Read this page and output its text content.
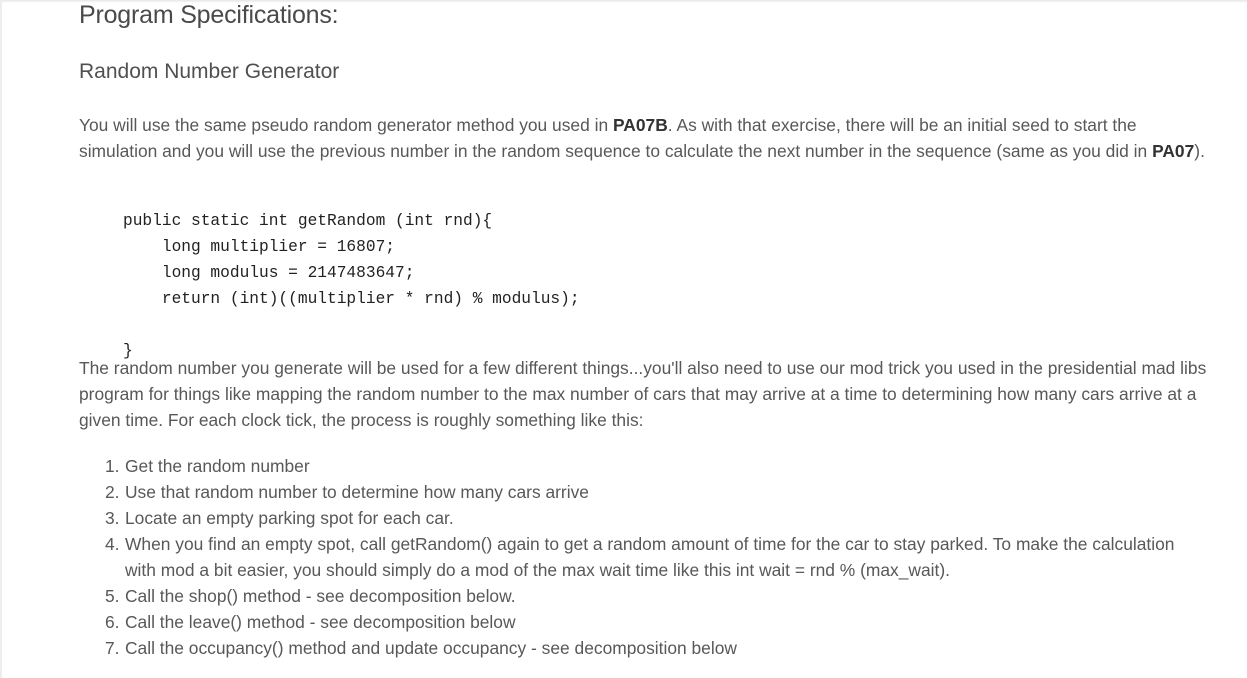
Program Specifications:
Random Number Generator

You will use the same pseudo random generator method you used in PA07B. As with that exercise, there will be an initial seed to start the simulation and you will use the previous number in the random sequence to calculate the next number in the sequence (same as you did in PA07).

public static int getRandom (int rnd){
long multiplier = 16807;
long modulus = 2147483647;
return (int)((multiplier * rnd) % modulus);
}

The random number you generate will be used for a few different things...you'll also need to use our mod trick you used in the presidential mad libs program for things like mapping the random number to the max number of cars that may arrive at a time to determining how many cars arrive at a given time. For each clock tick, the process is roughly something like this:

1. Get the random number
2. Use that random number to determine how many cars arrive
3. Locate an empty parking spot for each car.
4. When you find an empty spot, call getRandom() again to get a random amount of time for the car to stay parked. To make the calculation with mod a bit easier, you should simply do a mod of the max wait time like this int wait = rnd % (max_wait).
5. Call the shop() method - see decomposition below.
6. Call the leave() method - see decomposition below
7. Call the occupancy() method and update occupancy - see decomposition below
